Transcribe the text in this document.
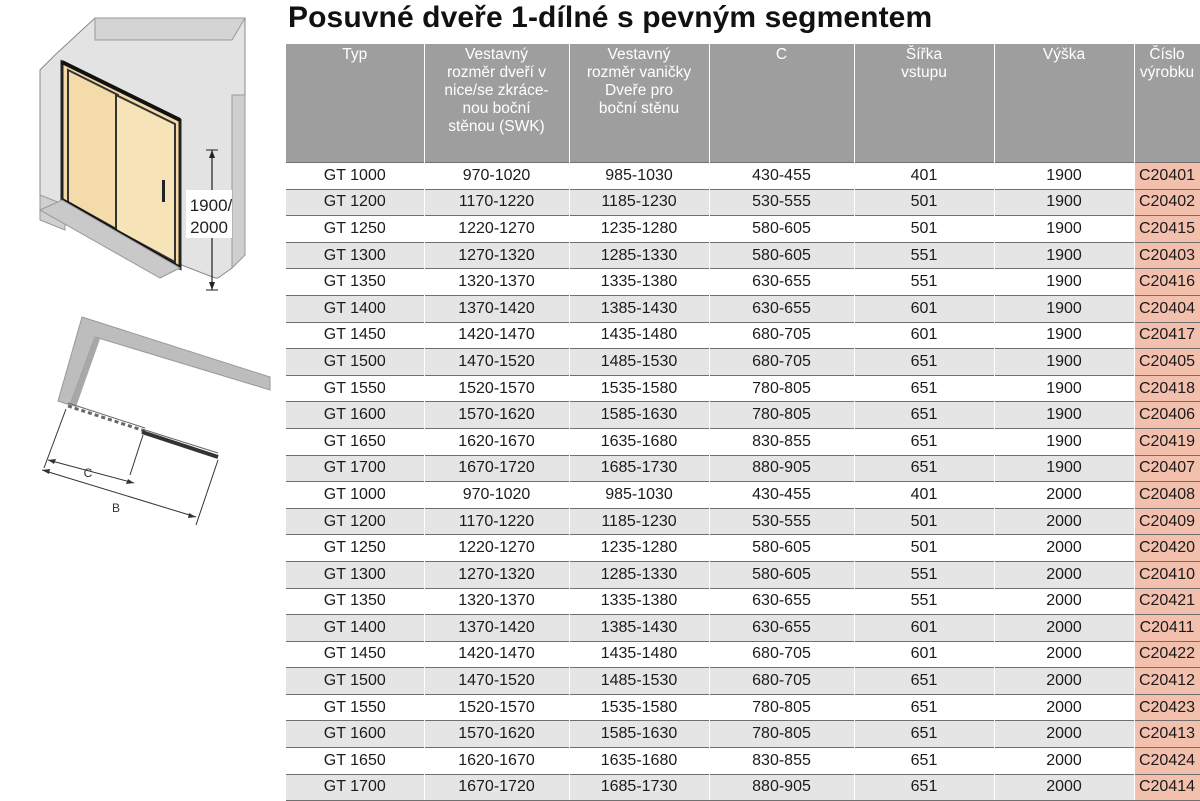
Posuvné dveře 1-dílné s pevným segmentem
1900/
2000
C
B
Typ	Vestavný
rozměr dveří v
nice/se zkráce-
nou boční
stěnou (SWK)	Vestavný
rozměr vaničky
Dveře pro
boční stěnu	C	Šířka
vstupu	Výška	Číslo výrobku

GT 1000	970-1020	985-1030	430-455	401	1900	C20401
GT 1200	1170-1220	1185-1230	530-555	501	1900	C20402
GT 1250	1220-1270	1235-1280	580-605	501	1900	C20415
GT 1300	1270-1320	1285-1330	580-605	551	1900	C20403
GT 1350	1320-1370	1335-1380	630-655	551	1900	C20416
GT 1400	1370-1420	1385-1430	630-655	601	1900	C20404
GT 1450	1420-1470	1435-1480	680-705	601	1900	C20417
GT 1500	1470-1520	1485-1530	680-705	651	1900	C20405
GT 1550	1520-1570	1535-1580	780-805	651	1900	C20418
GT 1600	1570-1620	1585-1630	780-805	651	1900	C20406
GT 1650	1620-1670	1635-1680	830-855	651	1900	C20419
GT 1700	1670-1720	1685-1730	880-905	651	1900	C20407
GT 1000	970-1020	985-1030	430-455	401	2000	C20408
GT 1200	1170-1220	1185-1230	530-555	501	2000	C20409
GT 1250	1220-1270	1235-1280	580-605	501	2000	C20420
GT 1300	1270-1320	1285-1330	580-605	551	2000	C20410
GT 1350	1320-1370	1335-1380	630-655	551	2000	C20421
GT 1400	1370-1420	1385-1430	630-655	601	2000	C20411
GT 1450	1420-1470	1435-1480	680-705	601	2000	C20422
GT 1500	1470-1520	1485-1530	680-705	651	2000	C20412
GT 1550	1520-1570	1535-1580	780-805	651	2000	C20423
GT 1600	1570-1620	1585-1630	780-805	651	2000	C20413
GT 1650	1620-1670	1635-1680	830-855	651	2000	C20424
GT 1700	1670-1720	1685-1730	880-905	651	2000	C20414
